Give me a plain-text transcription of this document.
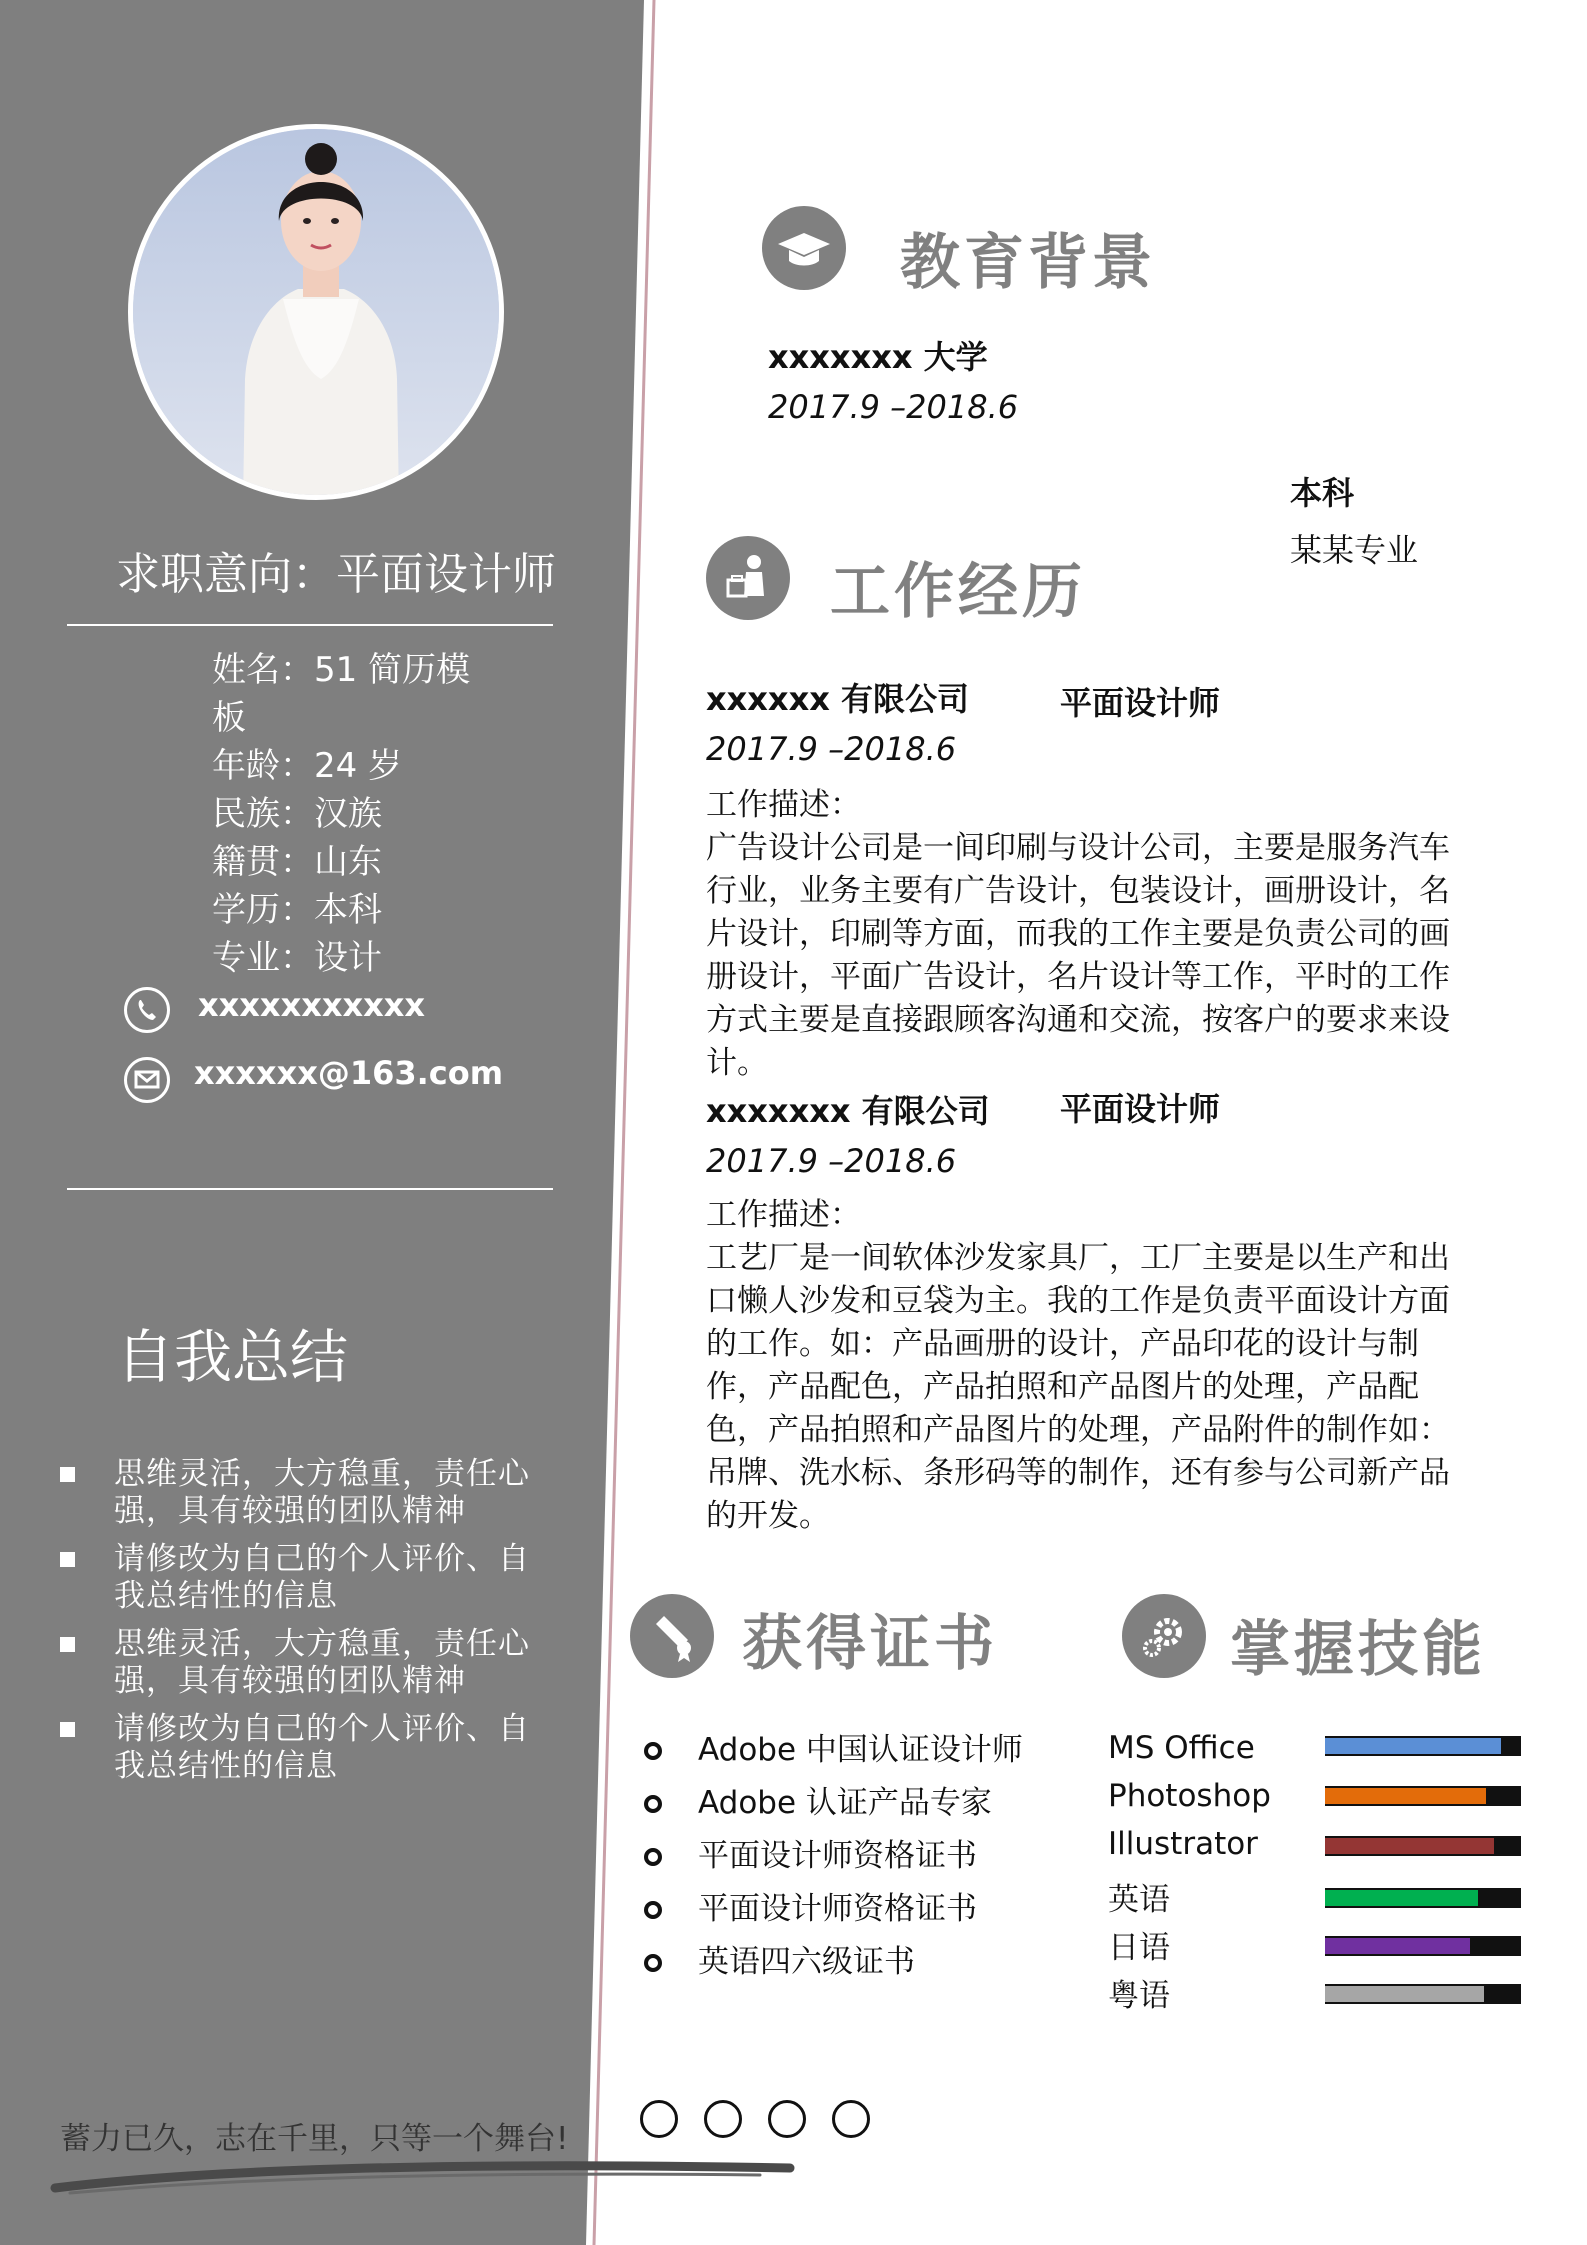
求职意向：平面设计师
姓名：51 简历模板
年龄：24 岁
民族：汉族
籍贯：山东
学历：本科
专业：设计
xxxxxxxxxxx
xxxxxx@163.com
自我总结
思维灵活，大方稳重，责任心强，具有较强的团队精神
请修改为自己的个人评价、自我总结性的信息
思维灵活，大方稳重，责任心强，具有较强的团队精神
请修改为自己的个人评价、自我总结性的信息
蓄力已久，志在千里，只等一个舞台!
教育背景
xxxxxxx 大学
2017.9 –2018.6
本科
某某专业
工作经历
xxxxxx 有限公司	平面设计师
2017.9 –2018.6
工作描述：
广告设计公司是一间印刷与设计公司，主要是服务汽车行业，业务主要有广告设计，包装设计，画册设计，名片设计，印刷等方面，而我的工作主要是负责公司的画册设计，平面广告设计，名片设计等工作，平时的工作方式主要是直接跟顾客沟通和交流，按客户的要求来设计。
xxxxxxx 有限公司 平面设计师
2017.9 –2018.6
工作描述：
工艺厂是一间软体沙发家具厂，工厂主要是以生产和出口懒人沙发和豆袋为主。我的工作是负责平面设计方面的工作。如：产品画册的设计，产品印花的设计与制作，产品配色，产品拍照和产品图片的处理，产品配色，产品拍照和产品图片的处理，产品附件的制作如：吊牌、洗水标、条形码等的制作，还有参与公司新产品的开发。
获得证书
Adobe 中国认证设计师
Adobe 认证产品专家
平面设计师资格证书
平面设计师资格证书
英语四六级证书
掌握技能
MS Office
Photoshop
Illustrator
英语
日语
粤语
